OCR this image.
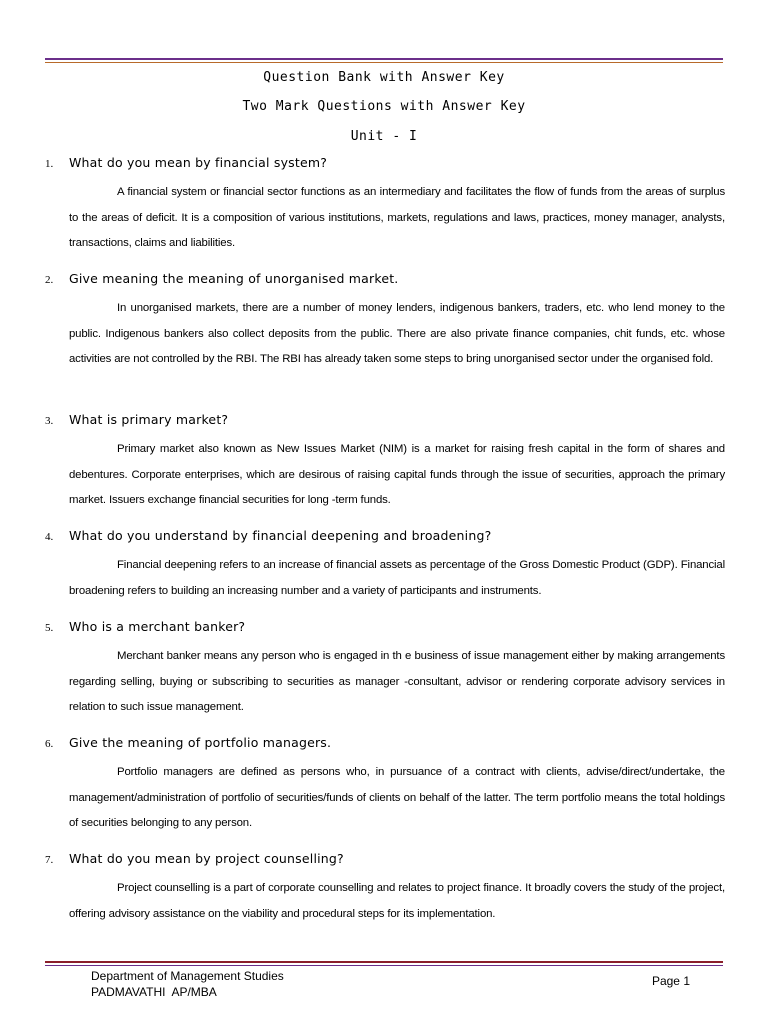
Question Bank with Answer Key
Two Mark Questions with Answer Key
Unit - I
1.	What do you mean by financial system?
A financial system or financial sector functions as an intermediary and facilitates the flow of funds from the areas of surplus to the areas of deficit. It is a composition of various institutions, markets, regulations and laws, practices, money manager, analysts, transactions, claims and liabilities.
2.	Give meaning the meaning of unorganised market.
In unorganised markets, there are a number of money lenders, indigenous bankers, traders, etc. who lend money to the public. Indigenous bankers also collect deposits from the public. There are also private finance companies, chit funds, etc. whose activities are not controlled by the RBI. The RBI has already taken some steps to bring unorganised sector under the organised fold.
3.	What is primary market?
Primary market also known as New Issues Market (NIM) is a market for raising fresh capital in the form of shares and debentures. Corporate enterprises, which are desirous of raising capital funds through the issue of securities, approach the primary market. Issuers exchange financial securities for long -term funds.
4.	What do you understand by financial deepening and broadening?
Financial deepening refers to an increase of financial assets as percentage of the Gross Domestic Product (GDP). Financial broadening refers to building an increasing number and a variety of participants and instruments.
5.	Who is a merchant banker?
Merchant banker means any person who is engaged in th e business of issue management either by making arrangements regarding selling, buying or subscribing to securities as manager -consultant, advisor or rendering corporate advisory services in relation to such issue management.
6.	Give the meaning of portfolio managers.
Portfolio managers are defined as persons who, in pursuance of a contract with clients, advise/direct/undertake, the management/administration of portfolio of securities/funds of clients on behalf of the latter. The term portfolio means the total holdings of securities belonging to any person.
7.	What do you mean by project counselling?
Project counselling is a part of corporate counselling and relates to project finance. It broadly covers the study of the project, offering advisory assistance on the viability and procedural steps for its implementation.
Department of Management Studies
PADMAVATHI  AP/MBA
Page 1
